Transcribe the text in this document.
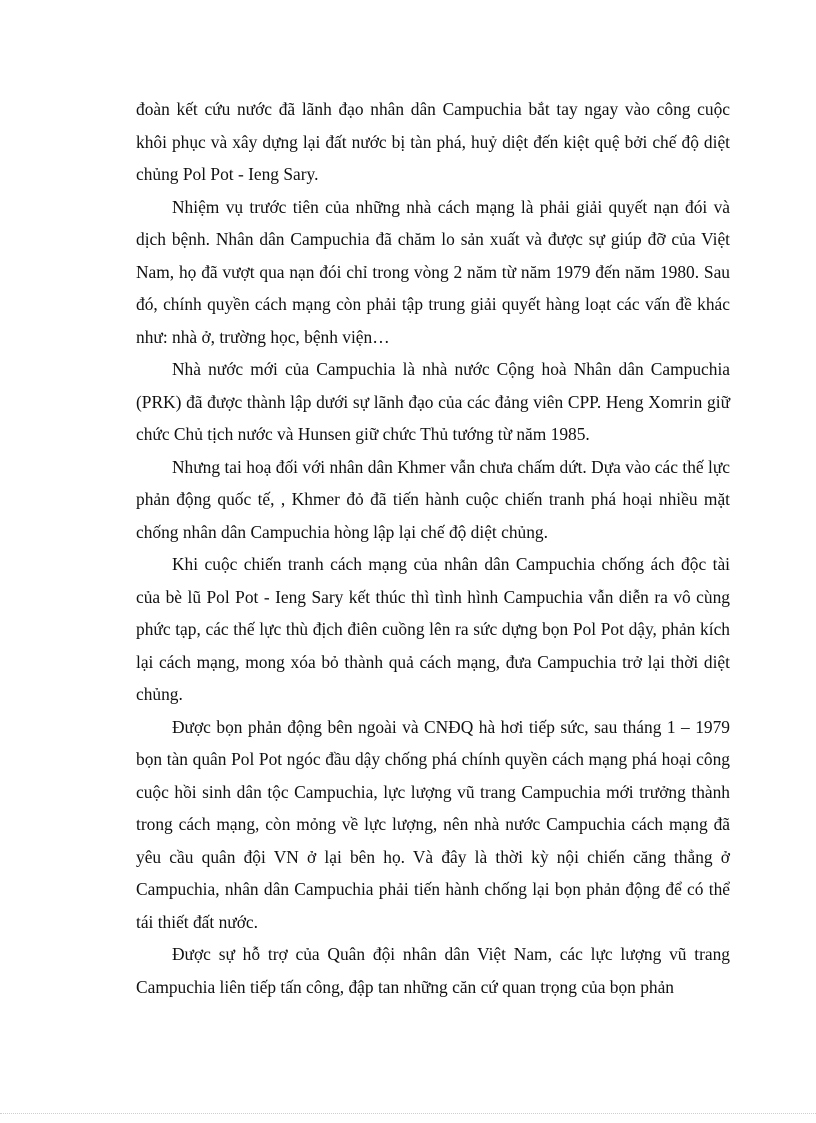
đoàn kết cứu nước đã lãnh đạo nhân dân Campuchia bắt tay ngay vào công cuộc khôi phục và xây dựng lại đất nước bị tàn phá, huỷ diệt đến kiệt quệ bởi chế độ diệt chủng Pol Pot - Ieng Sary.

Nhiệm vụ trước tiên của những nhà cách mạng là phải giải quyết nạn đói và dịch bệnh. Nhân dân Campuchia đã chăm lo sản xuất và được sự giúp đỡ của Việt Nam, họ đã vượt qua nạn đói chỉ trong vòng 2 năm từ năm 1979 đến năm 1980. Sau đó, chính quyền cách mạng còn phải tập trung giải quyết hàng loạt các vấn đề khác như: nhà ở, trường học, bệnh viện…

Nhà nước mới của Campuchia là nhà nước Cộng hoà Nhân dân Campuchia (PRK) đã được thành lập dưới sự lãnh đạo của các đảng viên CPP. Heng Xomrin giữ chức Chủ tịch nước và Hunsen giữ chức Thủ tướng từ năm 1985.

Nhưng tai hoạ đối với nhân dân Khmer vẫn chưa chấm dứt. Dựa vào các thế lực phản động quốc tế, , Khmer đỏ đã tiến hành cuộc chiến tranh phá hoại nhiều mặt chống nhân dân Campuchia hòng lập lại chế độ diệt chủng.

Khi cuộc chiến tranh cách mạng của nhân dân Campuchia chống ách độc tài của bè lũ Pol Pot - Ieng Sary kết thúc thì tình hình Campuchia vẫn diễn ra vô cùng phức tạp, các thế lực thù địch điên cuồng lên ra sức dựng bọn Pol Pot dậy, phản kích lại cách mạng, mong xóa bỏ thành quả cách mạng, đưa Campuchia trở lại thời diệt chủng.

Được bọn phản động bên ngoài và CNĐQ hà hơi tiếp sức, sau tháng 1 – 1979 bọn tàn quân Pol Pot ngóc đầu dậy chống phá chính quyền cách mạng phá hoại công cuộc hồi sinh dân tộc Campuchia, lực lượng vũ trang Campuchia mới trưởng thành trong cách mạng, còn mỏng về lực lượng, nên nhà nước Campuchia cách mạng đã yêu cầu quân đội VN ở lại bên họ. Và đây là thời kỳ nội chiến căng thẳng ở Campuchia, nhân dân Campuchia phải tiến hành chống lại bọn phản động để có thể tái thiết đất nước.

Được sự hỗ trợ của Quân đội nhân dân Việt Nam, các lực lượng vũ trang Campuchia liên tiếp tấn công, đập tan những căn cứ quan trọng của bọn phản
